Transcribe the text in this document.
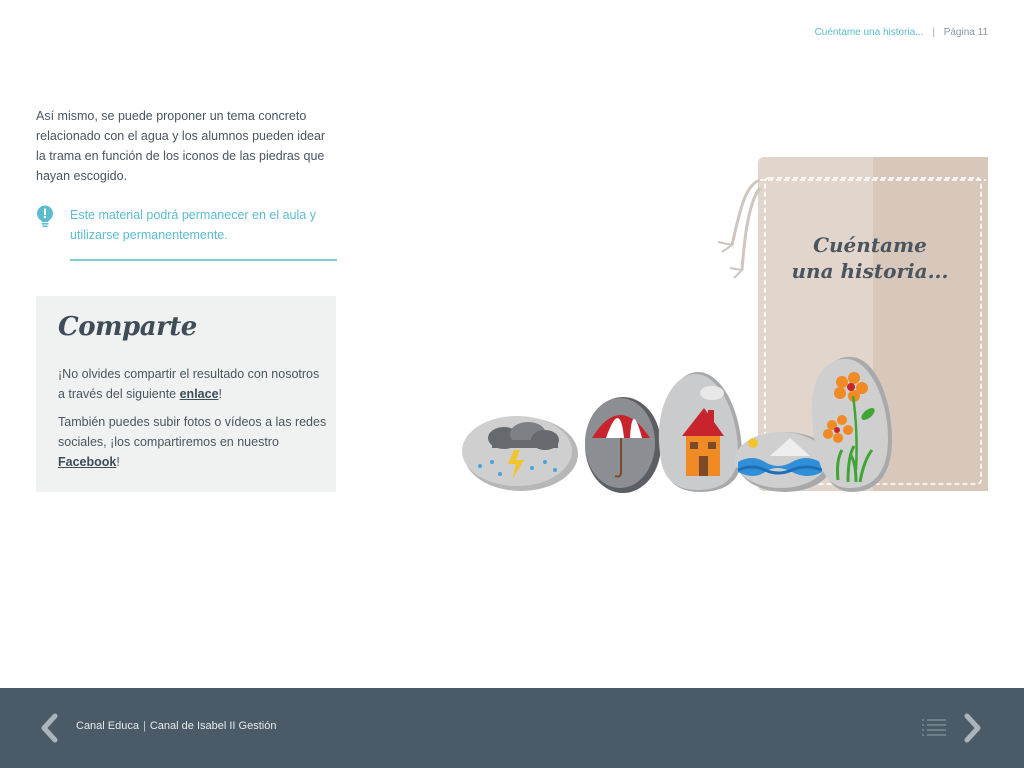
Cuéntame una historia... | Página 11

Así mismo, se puede proponer un tema concreto relacionado con el agua y los alumnos pueden idear la trama en función de los iconos de las piedras que hayan escogido.

Este material podrá permanecer en el aula y utilizarse permanentemente.

Comparte

¡No olvides compartir el resultado con nosotros a través del siguiente enlace!

También puedes subir fotos o vídeos a las redes sociales, ¡los compartiremos en nuestro Facebook!

Cuéntame
una historia...
Canal Educa | Canal de Isabel II Gestión
